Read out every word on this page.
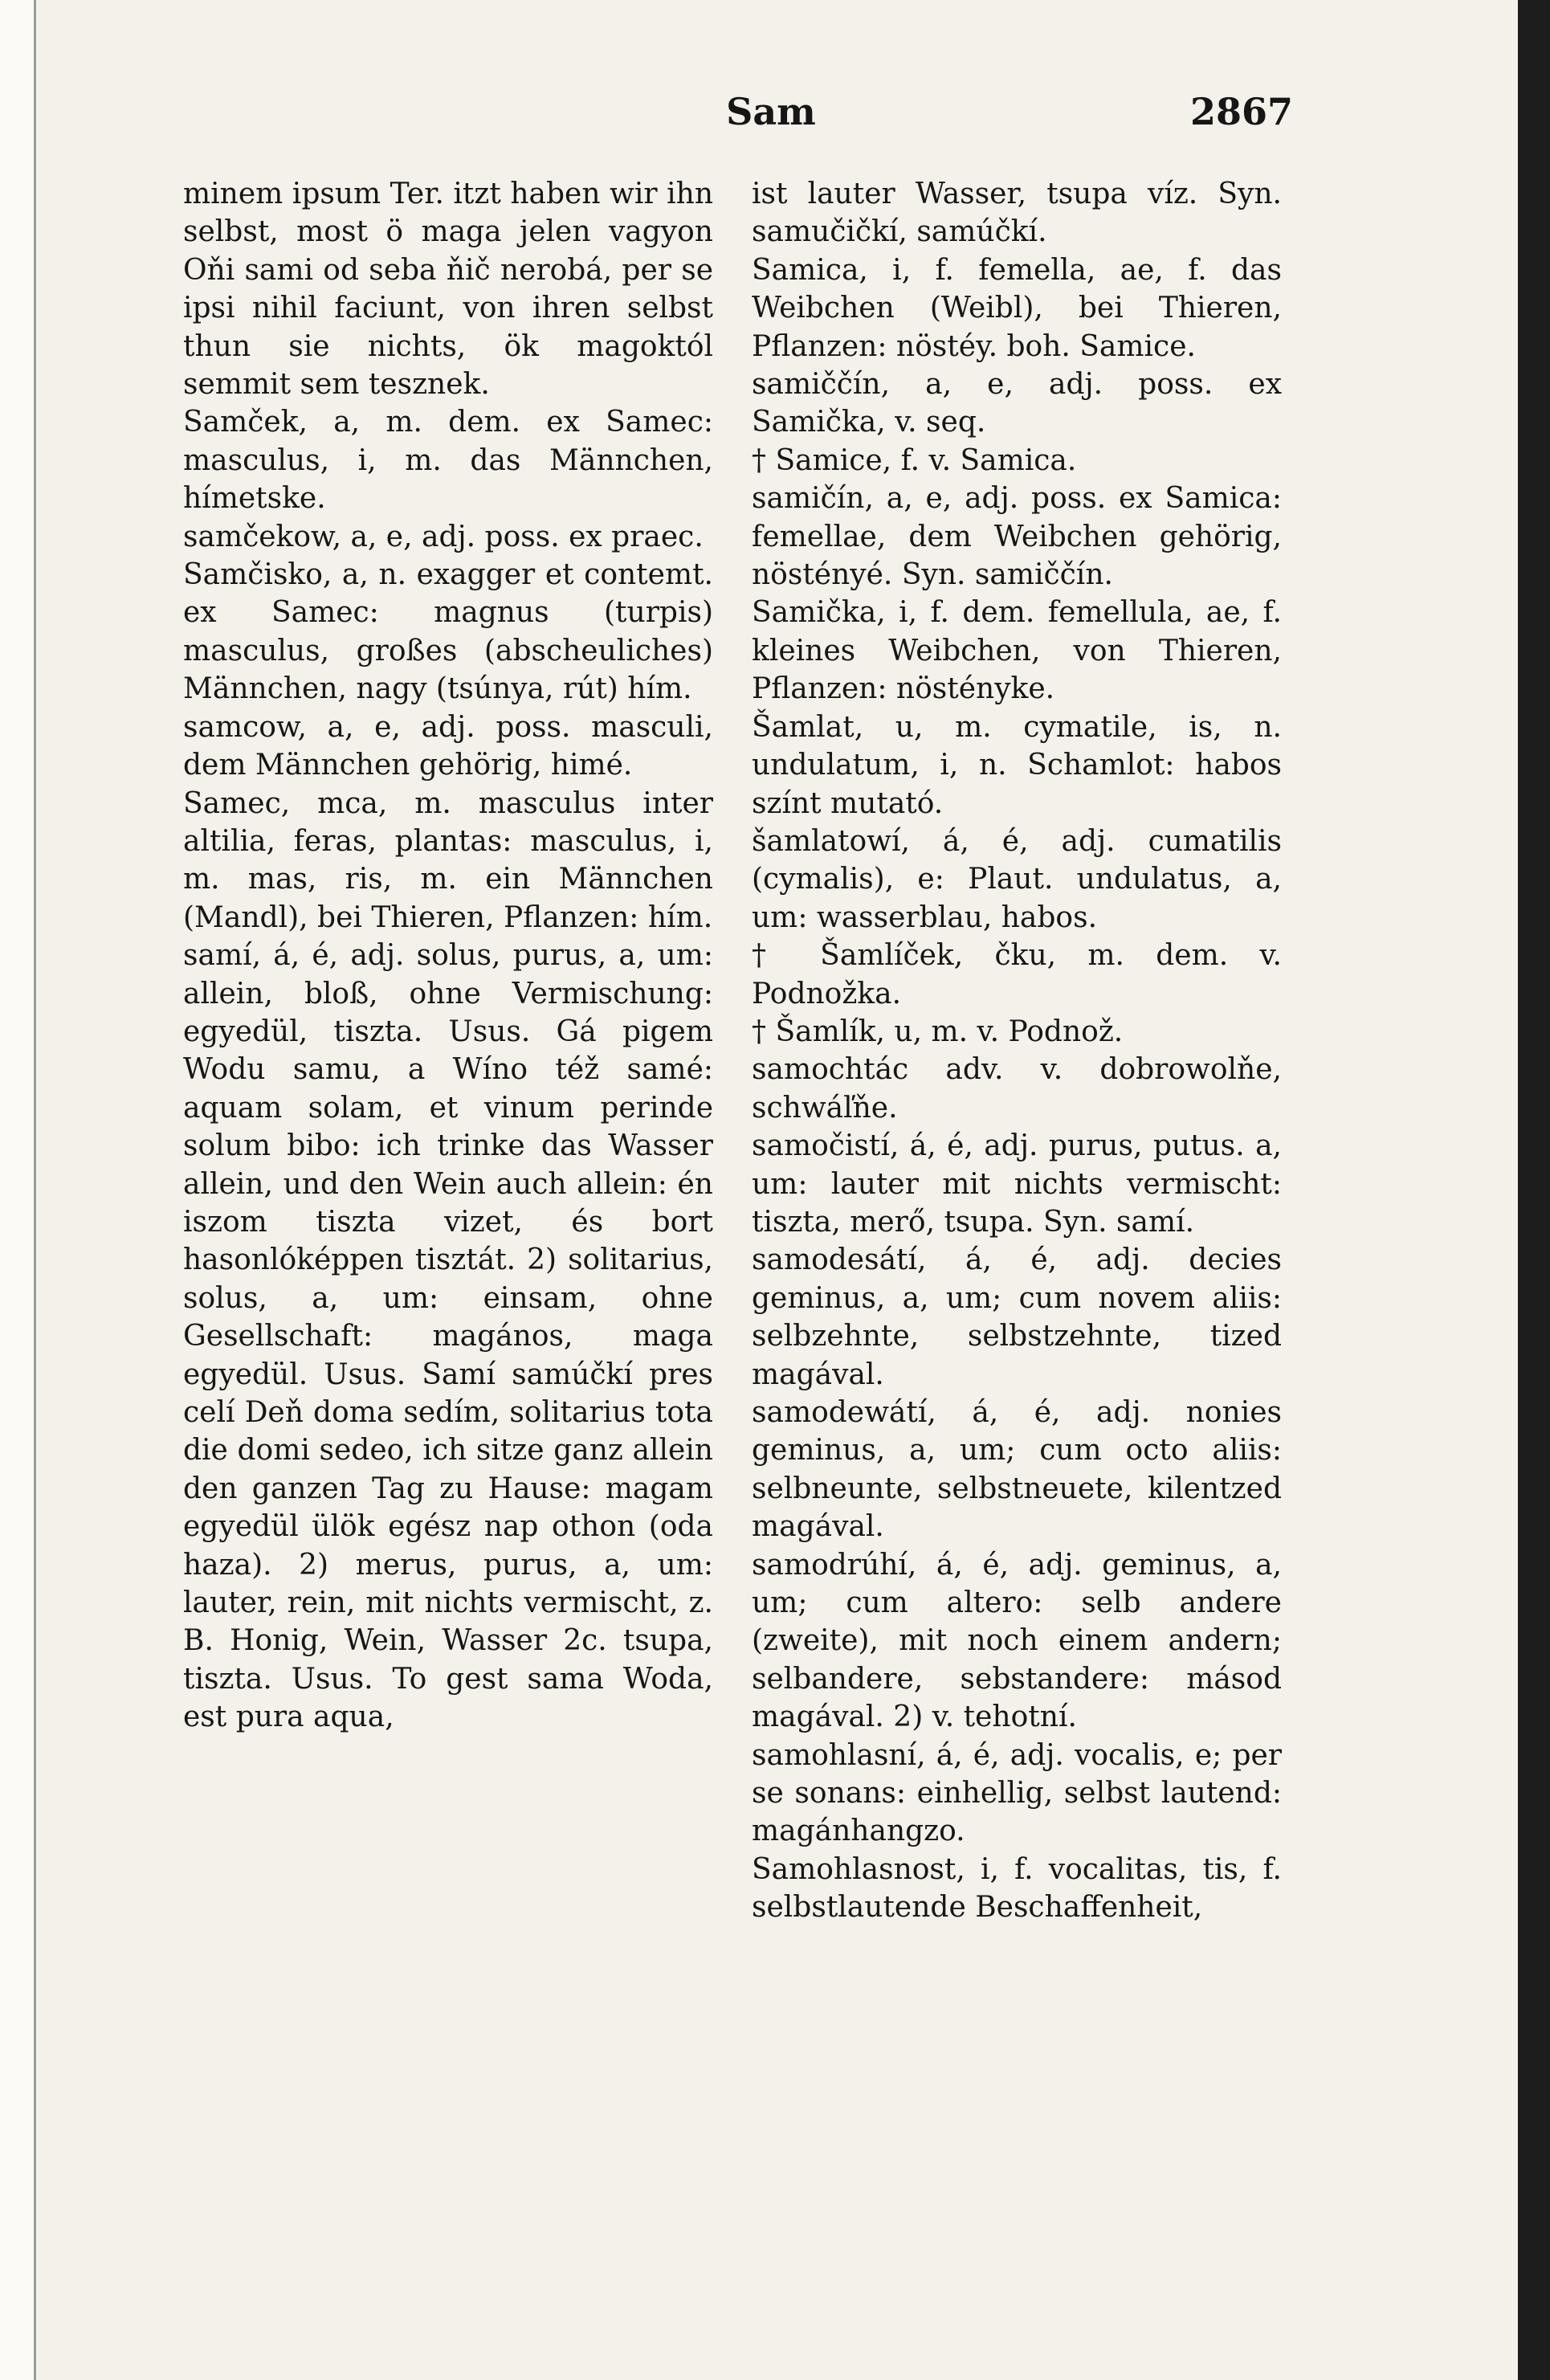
Sam	2867
minem ipsum Ter. itzt haben wir ihn selbst, most ö maga jelen vagyon Oňi sami od seba ňič nerobá, per se ipsi nihil faciunt, von ihren selbst thun sie nichts, ök magoktól semmit sem tesznek.
Samček, a, m. dem. ex Samec: masculus, i, m. das Männchen, hímetske.
samčekow, a, e, adj. poss. ex praec.
Samčisko, a, n. exagger et contemt. ex Samec: magnus (turpis) masculus, großes (abscheuliches) Männchen, nagy (tsúnya, rút) hím.
samcow, a, e, adj. poss. masculi, dem Männchen gehörig, himé.
Samec, mca, m. masculus inter altilia, feras, plantas: masculus, i, m. mas, ris, m. ein Männchen (Mandl), bei Thieren, Pflanzen: hím.
samí, á, é, adj. solus, purus, a, um: allein, bloß, ohne Vermischung: egyedül, tiszta. Usus. Gá pigem Wodu samu, a Wíno též samé: aquam solam, et vinum perinde solum bibo: ich trinke das Wasser allein, und den Wein auch allein: én iszom tiszta vizet, és bort hasonlóképpen tisztát. 2) solitarius, solus, a, um: einsam, ohne Gesellschaft: magános, maga egyedül. Usus. Samí samúčkí pres celí Deň doma sedím, solitarius tota die domi sedeo, ich sitze ganz allein den ganzen Tag zu Hause: magam egyedül ülök egész nap othon (oda haza). 2) merus, purus, a, um: lauter, rein, mit nichts vermischt, z. B. Honig, Wein, Wasser 2c. tsupa, tiszta. Usus. To gest sama Woda, est pura aqua,
ist lauter Wasser, tsupa víz. Syn. samučičkí, samúčkí.
Samica, i, f. femella, ae, f. das Weibchen (Weibl), bei Thieren, Pflanzen: nöstéy. boh. Samice.
samiččín, a, e, adj. poss. ex Samička, v. seq.
† Samice, f. v. Samica.
samičín, a, e, adj. poss. ex Samica: femellae, dem Weibchen gehörig, nöstényé. Syn. samiččín.
Samička, i, f. dem. femellula, ae, f. kleines Weibchen, von Thieren, Pflanzen: nöstényke.
Šamlat, u, m. cymatile, is, n. undulatum, i, n. Schamlot: habos színt mutató.
šamlatowí, á, é, adj. cumatilis (cymalis), e: Plaut. undulatus, a, um: wasserblau, habos.
† Šamlíček, čku, m. dem. v. Podnožka.
† Šamlík, u, m. v. Podnož.
samochtác adv. v. dobrowolňe, schwáľňe.
samočistí, á, é, adj. purus, putus. a, um: lauter mit nichts vermischt: tiszta, merő, tsupa. Syn. samí.
samodesátí, á, é, adj. decies geminus, a, um; cum novem aliis: selbzehnte, selbstzehnte, tized magával.
samodewátí, á, é, adj. nonies geminus, a, um; cum octo aliis: selbneunte, selbstneuete, kilentzed magával.
samodrúhí, á, é, adj. geminus, a, um; cum altero: selb andere (zweite), mit noch einem andern; selbandere, sebstandere: másod magával. 2) v. tehotní.
samohlasní, á, é, adj. vocalis, e; per se sonans: einhellig, selbst lautend: magánhangzo.
Samohlasnost, i, f. vocalitas, tis, f. selbstlautende Beschaffenheit,
